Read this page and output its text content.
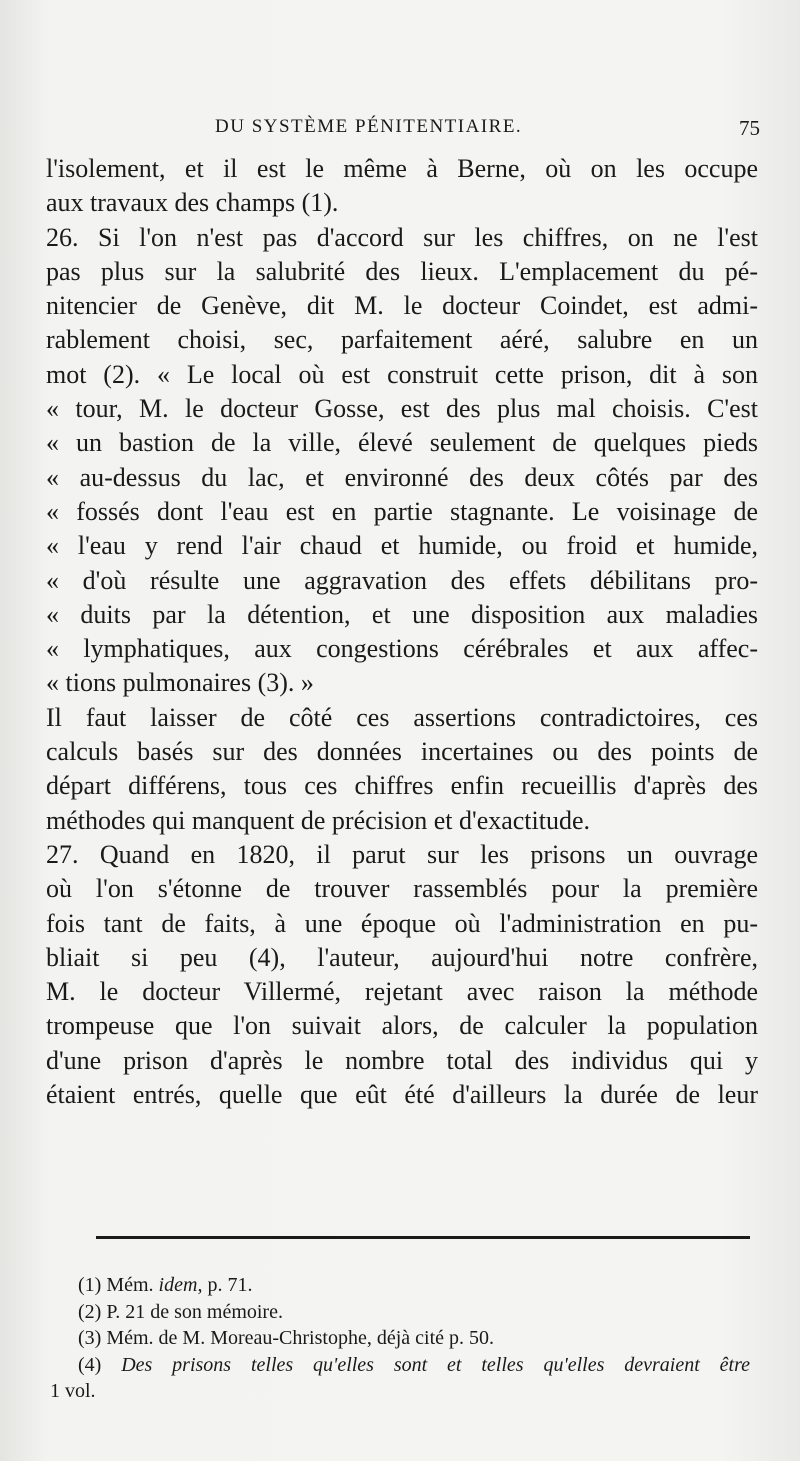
DU SYSTÈME PÉNITENTIAIRE.	75
l'isolement, et il est le même à Berne, où on les occupe
aux travaux des champs (1).
26. Si l'on n'est pas d'accord sur les chiffres, on ne l'est
pas plus sur la salubrité des lieux. L'emplacement du pé-
nitencier de Genève, dit M. le docteur Coindet, est admi-
rablement choisi, sec, parfaitement aéré, salubre en un
mot (2). « Le local où est construit cette prison, dit à son
« tour, M. le docteur Gosse, est des plus mal choisis. C'est
« un bastion de la ville, élevé seulement de quelques pieds
« au-dessus du lac, et environné des deux côtés par des
« fossés dont l'eau est en partie stagnante. Le voisinage de
« l'eau y rend l'air chaud et humide, ou froid et humide,
« d'où résulte une aggravation des effets débilitans pro-
« duits par la détention, et une disposition aux maladies
« lymphatiques, aux congestions cérébrales et aux affec-
« tions pulmonaires (3). »
Il faut laisser de côté ces assertions contradictoires, ces
calculs basés sur des données incertaines ou des points de
départ différens, tous ces chiffres enfin recueillis d'après des
méthodes qui manquent de précision et d'exactitude.
27. Quand en 1820, il parut sur les prisons un ouvrage
où l'on s'étonne de trouver rassemblés pour la première
fois tant de faits, à une époque où l'administration en pu-
bliait si peu (4), l'auteur, aujourd'hui notre confrère,
M. le docteur Villermé, rejetant avec raison la méthode
trompeuse que l'on suivait alors, de calculer la population
d'une prison d'après le nombre total des individus qui y
étaient entrés, quelle que eût été d'ailleurs la durée de leur
(1) Mém. idem, p. 71.
(2) P. 21 de son mémoire.
(3) Mém. de M. Moreau-Christophe, déjà cité p. 50.
(4) Des prisons telles qu'elles sont et telles qu'elles devraient être
1 vol.
